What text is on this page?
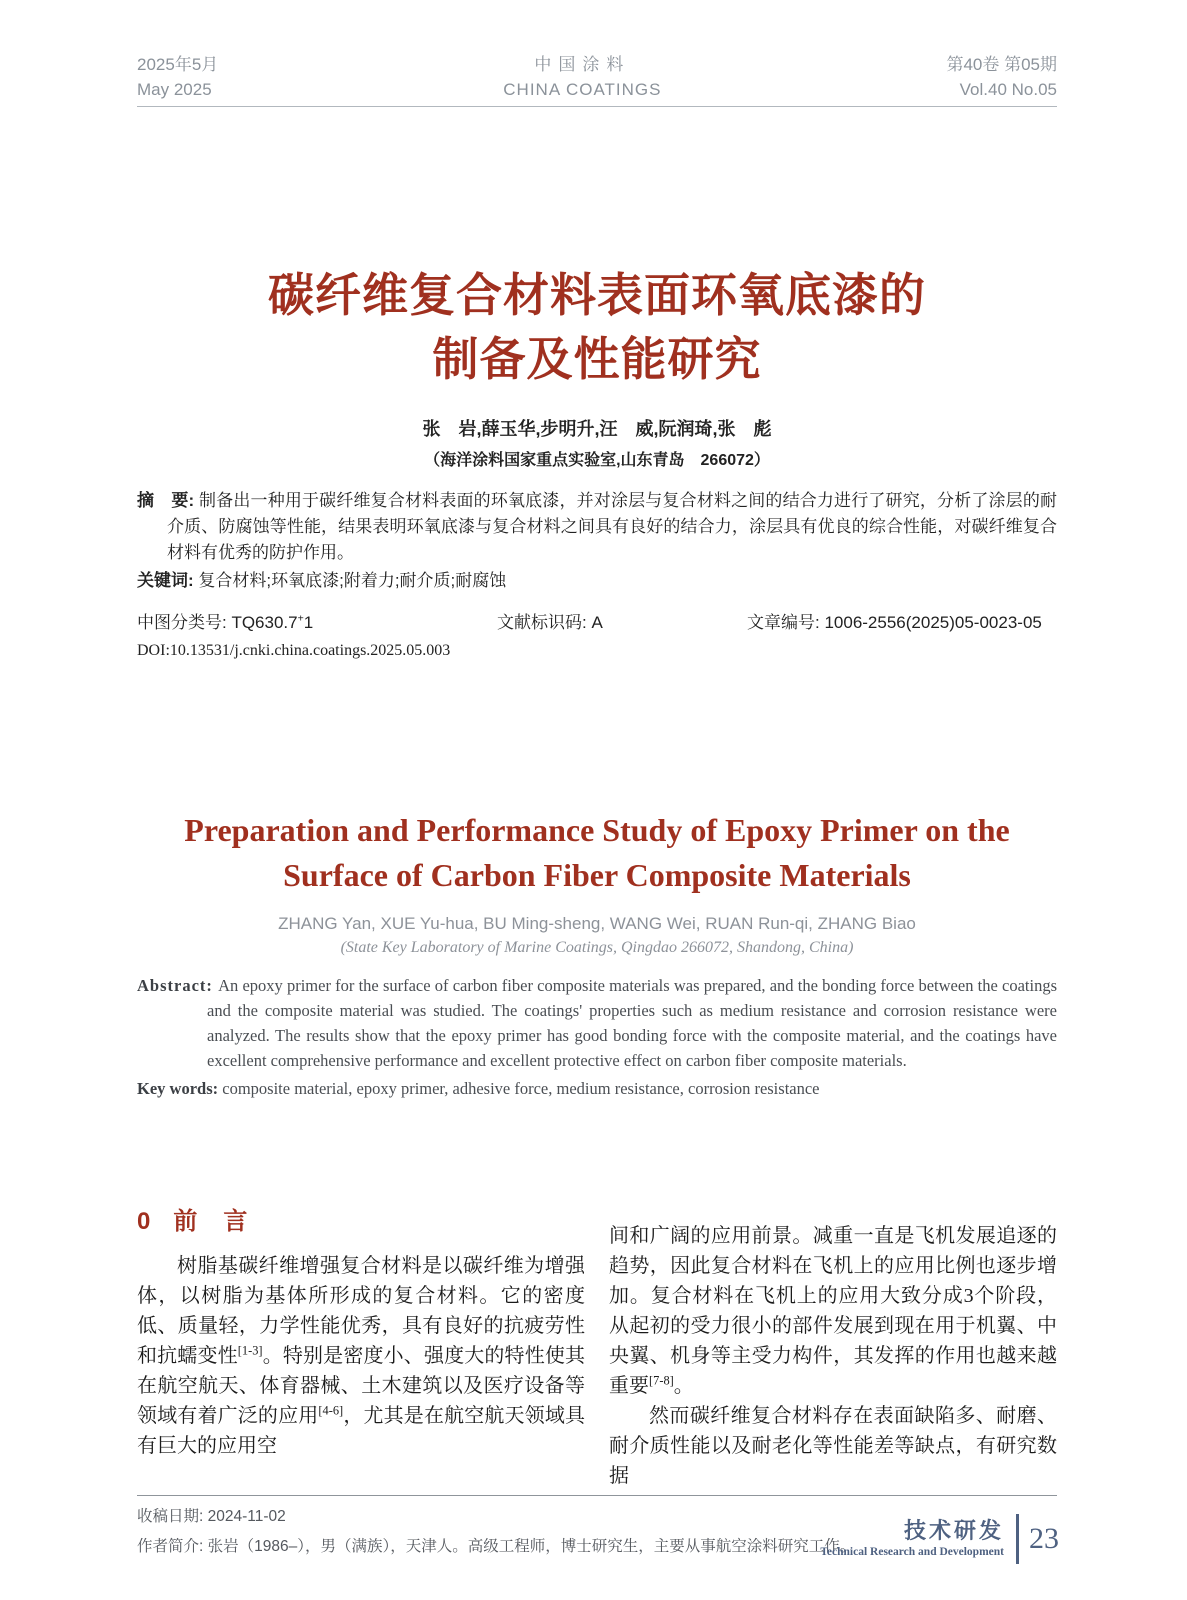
2025年5月
May 2025
中国涂料
CHINA COATINGS
第40卷 第05期
Vol.40 No.05
碳纤维复合材料表面环氧底漆的
制备及性能研究
张　岩,薛玉华,步明升,汪　威,阮润琦,张　彪
（海洋涂料国家重点实验室,山东青岛　266072）
摘　要: 制备出一种用于碳纤维复合材料表面的环氧底漆，并对涂层与复合材料之间的结合力进行了研究，分析了涂层的耐介质、防腐蚀等性能，结果表明环氧底漆与复合材料之间具有良好的结合力，涂层具有优良的综合性能，对碳纤维复合材料有优秀的防护作用。
关键词: 复合材料;环氧底漆;附着力;耐介质;耐腐蚀
中图分类号: TQ630.7+1	文献标识码: A	文章编号: 1006-2556(2025)05-0023-05
DOI:10.13531/j.cnki.china.coatings.2025.05.003
Preparation and Performance Study of Epoxy Primer on the
Surface of Carbon Fiber Composite Materials
ZHANG Yan, XUE Yu-hua, BU Ming-sheng, WANG Wei, RUAN Run-qi, ZHANG Biao
(State Key Laboratory of Marine Coatings, Qingdao 266072, Shandong, China)
Abstract: An epoxy primer for the surface of carbon fiber composite materials was prepared, and the bonding force between the coatings and the composite material was studied. The coatings' properties such as medium resistance and corrosion resistance were analyzed. The results show that the epoxy primer has good bonding force with the composite material, and the coatings have excellent comprehensive performance and excellent protective effect on carbon fiber composite materials.
Key words: composite material, epoxy primer, adhesive force, medium resistance, corrosion resistance
0 前　言

树脂基碳纤维增强复合材料是以碳纤维为增强体，以树脂为基体所形成的复合材料。它的密度低、质量轻，力学性能优秀，具有良好的抗疲劳性和抗蠕变性[1-3]。特别是密度小、强度大的特性使其在航空航天、体育器械、土木建筑以及医疗设备等领域有着广泛的应用[4-6]，尤其是在航空航天领域具有巨大的应用空

间和广阔的应用前景。减重一直是飞机发展追逐的趋势，因此复合材料在飞机上的应用比例也逐步增加。复合材料在飞机上的应用大致分成3个阶段，从起初的受力很小的部件发展到现在用于机翼、中央翼、机身等主受力构件，其发挥的作用也越来越重要[7-8]。

然而碳纤维复合材料存在表面缺陷多、耐磨、耐介质性能以及耐老化等性能差等缺点，有研究数据

收稿日期: 2024-11-02
作者简介: 张岩（1986–），男（满族），天津人。高级工程师，博士研究生，主要从事航空涂料研究工作。
技术研发
Technical Research and Development 23
